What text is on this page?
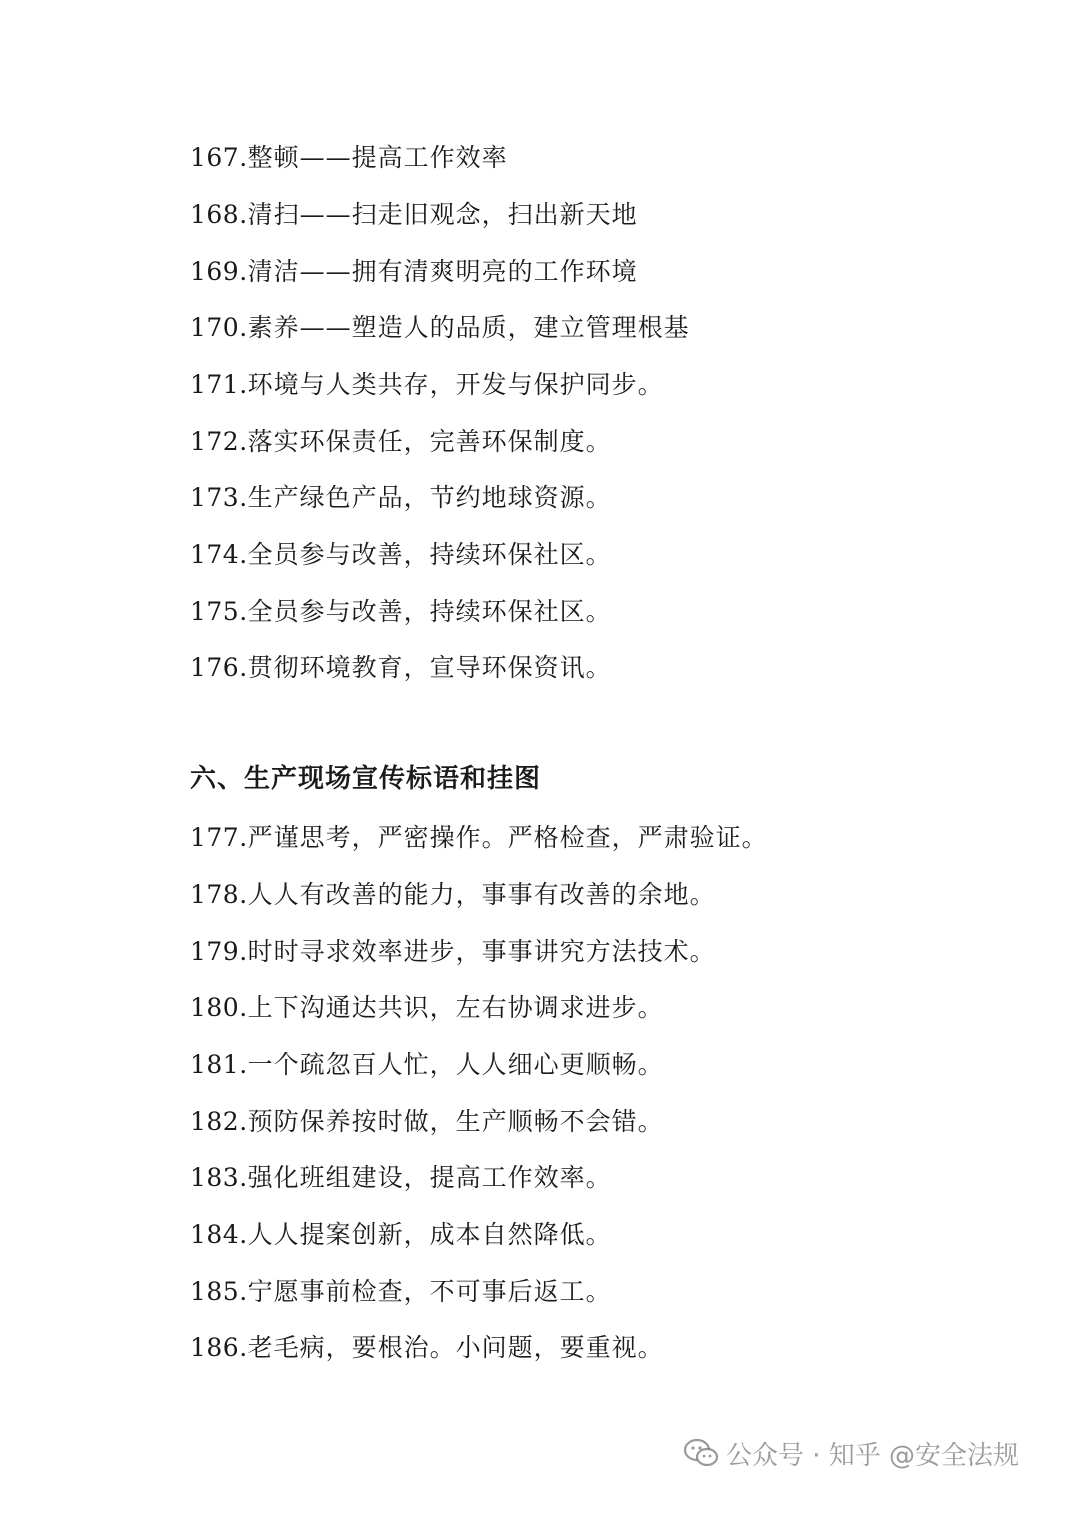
167.整顿——提高工作效率
168.清扫——扫走旧观念，扫出新天地
169.清洁——拥有清爽明亮的工作环境
170.素养——塑造人的品质，建立管理根基
171.环境与人类共存，开发与保护同步。
172.落实环保责任，完善环保制度。
173.生产绿色产品，节约地球资源。
174.全员参与改善，持续环保社区。
175.全员参与改善，持续环保社区。
176.贯彻环境教育，宣导环保资讯。
六、生产现场宣传标语和挂图
177.严谨思考，严密操作。严格检查，严肃验证。
178.人人有改善的能力，事事有改善的余地。
179.时时寻求效率进步，事事讲究方法技术。
180.上下沟通达共识，左右协调求进步。
181.一个疏忽百人忙，人人细心更顺畅。
182.预防保养按时做，生产顺畅不会错。
183.强化班组建设，提高工作效率。
184.人人提案创新，成本自然降低。
185.宁愿事前检查，不可事后返工。
186.老毛病，要根治。小问题，要重视。
公众号 · 知乎 @安全法规
